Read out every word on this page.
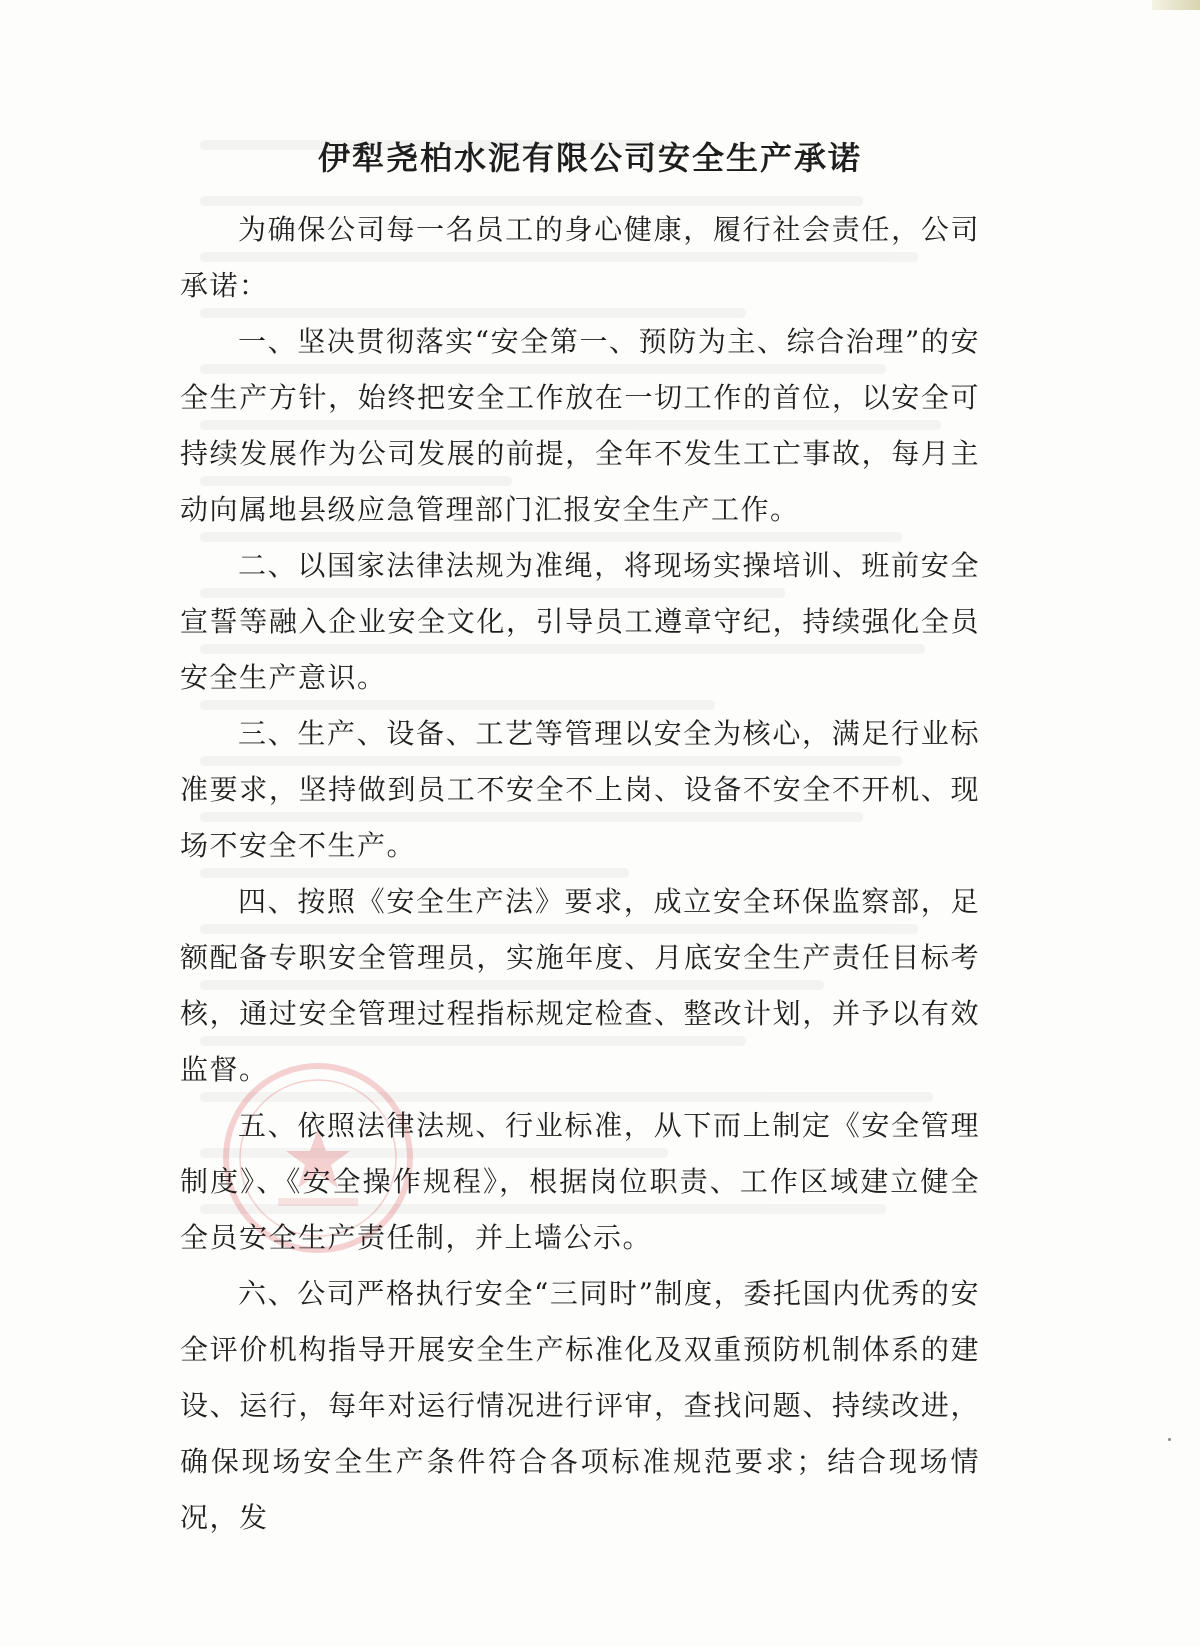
伊犁尧柏水泥有限公司安全生产承诺

为确保公司每一名员工的身心健康，履行社会责任，公司承诺：

一、坚决贯彻落实“安全第一、预防为主、综合治理”的安全生产方针，始终把安全工作放在一切工作的首位，以安全可持续发展作为公司发展的前提，全年不发生工亡事故，每月主动向属地县级应急管理部门汇报安全生产工作。

二、以国家法律法规为准绳，将现场实操培训、班前安全宣誓等融入企业安全文化，引导员工遵章守纪，持续强化全员安全生产意识。

三、生产、设备、工艺等管理以安全为核心，满足行业标准要求，坚持做到员工不安全不上岗、设备不安全不开机、现场不安全不生产。

四、按照《安全生产法》要求，成立安全环保监察部，足额配备专职安全管理员，实施年度、月底安全生产责任目标考核，通过安全管理过程指标规定检查、整改计划，并予以有效监督。

五、依照法律法规、行业标准，从下而上制定《安全管理制度》、《安全操作规程》，根据岗位职责、工作区域建立健全全员安全生产责任制，并上墙公示。

六、公司严格执行安全“三同时”制度，委托国内优秀的安全评价机构指导开展安全生产标准化及双重预防机制体系的建设、运行，每年对运行情况进行评审，查找问题、持续改进，确保现场安全生产条件符合各项标准规范要求；结合现场情况，发
